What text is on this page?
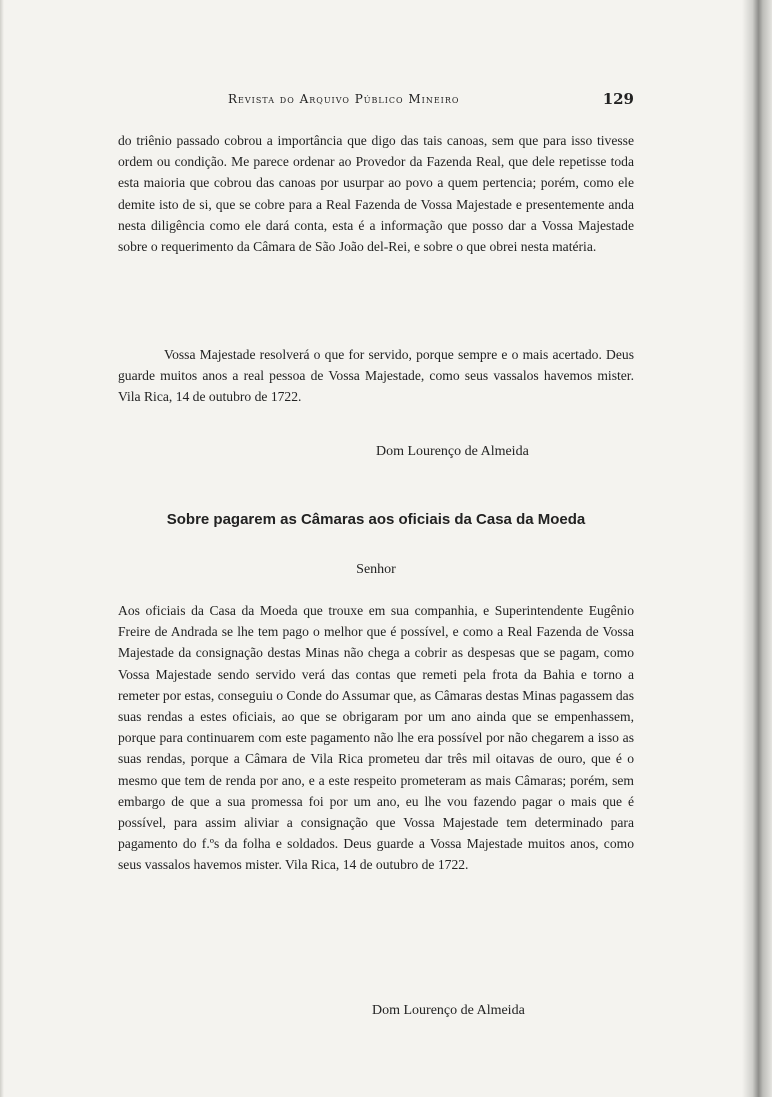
Revista do Arquivo Público Mineiro	129

do triênio passado cobrou a importância que digo das tais canoas, sem que para isso tivesse ordem ou condição. Me parece ordenar ao Provedor da Fazenda Real, que dele repetisse toda esta maioria que cobrou das canoas por usurpar ao povo a quem pertencia; porém, como ele demite isto de si, que se cobre para a Real Fazenda de Vossa Majestade e presentemente anda nesta diligência como ele dará conta, esta é a informação que posso dar a Vossa Majestade sobre o requerimento da Câmara de São João del-Rei, e sobre o que obrei nesta matéria.

Vossa Majestade resolverá o que for servido, porque sempre e o mais acertado. Deus guarde muitos anos a real pessoa de Vossa Majestade, como seus vassalos havemos mister. Vila Rica, 14 de outubro de 1722.

Dom Lourenço de Almeida
Sobre pagarem as Câmaras aos oficiais da Casa da Moeda
Senhor

Aos oficiais da Casa da Moeda que trouxe em sua companhia, e Superintendente Eugênio Freire de Andrada se lhe tem pago o melhor que é possível, e como a Real Fazenda de Vossa Majestade da consignação destas Minas não chega a cobrir as despesas que se pagam, como Vossa Majestade sendo servido verá das contas que remeti pela frota da Bahia e torno a remeter por estas, conseguiu o Conde do Assumar que, as Câmaras destas Minas pagassem das suas rendas a estes oficiais, ao que se obrigaram por um ano ainda que se empenhassem, porque para continuarem com este pagamento não lhe era possível por não chegarem a isso as suas rendas, porque a Câmara de Vila Rica prometeu dar três mil oitavas de ouro, que é o mesmo que tem de renda por ano, e a este respeito prometeram as mais Câmaras; porém, sem embargo de que a sua promessa foi por um ano, eu lhe vou fazendo pagar o mais que é possível, para assim aliviar a consignação que Vossa Majestade tem determinado para pagamento do f.ºs da folha e soldados. Deus guarde a Vossa Majestade muitos anos, como seus vassalos havemos mister. Vila Rica, 14 de outubro de 1722.

Dom Lourenço de Almeida
